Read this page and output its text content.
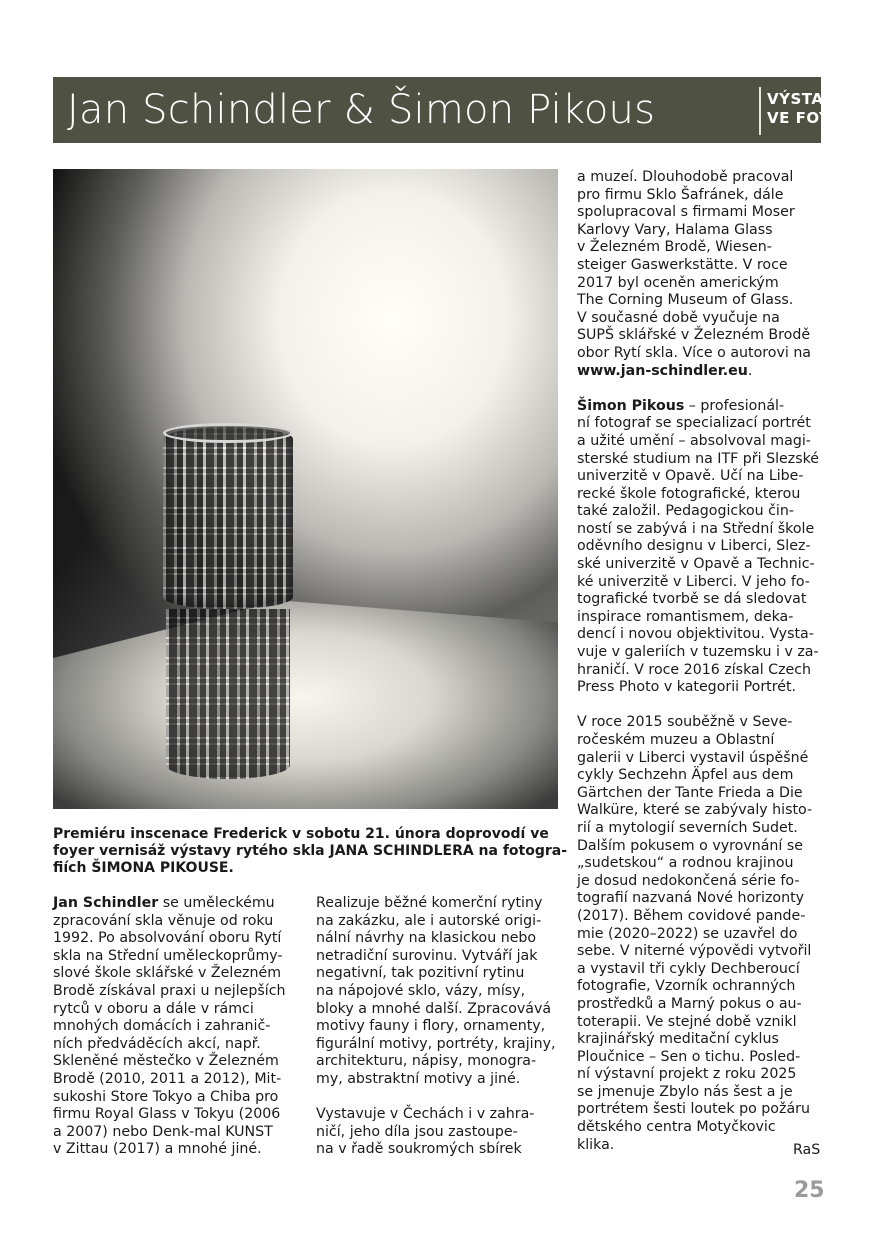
Jan Schindler & Šimon Pikous	VÝSTAVA
VE FOYER
Premiéru inscenace Frederick v sobotu 21. února doprovodí ve
foyer vernisáž výstavy rytého skla JANA SCHINDLERA na fotogra-
fiích ŠIMONA PIKOUSE.
Jan Schindler se uměleckému
zpracování skla věnuje od roku
1992. Po absolvování oboru Rytí
skla na Střední uměleckoprůmy-
slové škole sklářské v Železném
Brodě získával praxi u nejlepších
rytců v oboru a dále v rámci
mnohých domácích i zahranič-
ních předváděcích akcí, např.
Skleněné městečko v Železném
Brodě (2010, 2011 a 2012), Mit-
sukoshi Store Tokyo a Chiba pro
firmu Royal Glass v Tokyu (2006
a 2007) nebo Denk-mal KUNST
v Zittau (2017) a mnohé jiné.
Realizuje běžné komerční rytiny
na zakázku, ale i autorské origi-
nální návrhy na klasickou nebo
netradiční surovinu. Vytváří jak
negativní, tak pozitivní rytinu
na nápojové sklo, vázy, mísy,
bloky a mnohé další. Zpracovává
motivy fauny i flory, ornamenty,
figurální motivy, portréty, krajiny,
architekturu, nápisy, monogra-
my, abstraktní motivy a jiné.
Vystavuje v Čechách i v zahra-
ničí, jeho díla jsou zastoupe-
na v řadě soukromých sbírek
a muzeí. Dlouhodobě pracoval
pro firmu Sklo Šafránek, dále
spolupracoval s firmami Moser
Karlovy Vary, Halama Glass
v Železném Brodě, Wiesen-
steiger Gaswerkstätte. V roce
2017 byl oceněn americkým
The Corning Museum of Glass.
V současné době vyučuje na
SUPŠ sklářské v Železném Brodě
obor Rytí skla. Více o autorovi na
www.jan-schindler.eu.
Šimon Pikous – profesionál-
ní fotograf se specializací portrét
a užité umění – absolvoval magi-
sterské studium na ITF při Slezské
univerzitě v Opavě. Učí na Libe-
recké škole fotografické, kterou
také založil. Pedagogickou čin-
ností se zabývá i na Střední škole
oděvního designu v Liberci, Slez-
ské univerzitě v Opavě a Technic-
ké univerzitě v Liberci. V jeho fo-
tografické tvorbě se dá sledovat
inspirace romantismem, deka-
dencí i novou objektivitou. Vysta-
vuje v galeriích v tuzemsku i v za-
hraničí. V roce 2016 získal Czech
Press Photo v kategorii Portrét.
V roce 2015 souběžně v Seve-
ročeském muzeu a Oblastní
galerii v Liberci vystavil úspěšné
cykly Sechzehn Äpfel aus dem
Gärtchen der Tante Frieda a Die
Walküre, které se zabývaly histo-
rií a mytologií severních Sudet.
Dalším pokusem o vyrovnání se
„sudetskou“ a rodnou krajinou
je dosud nedokončená série fo-
tografií nazvaná Nové horizonty
(2017). Během covidové pande-
mie (2020–2022) se uzavřel do
sebe. V niterné výpovědi vytvořil
a vystavil tři cykly Dechberoucí
fotografie, Vzorník ochranných
prostředků a Marný pokus o au-
toterapii. Ve stejné době vznikl
krajinářský meditační cyklus
Ploučnice – Sen o tichu. Posled-
ní výstavní projekt z roku 2025
se jmenuje Zbylo nás šest a je
portrétem šesti loutek po požáru
dětského centra Motyčkovic
klika.	RaS
25
